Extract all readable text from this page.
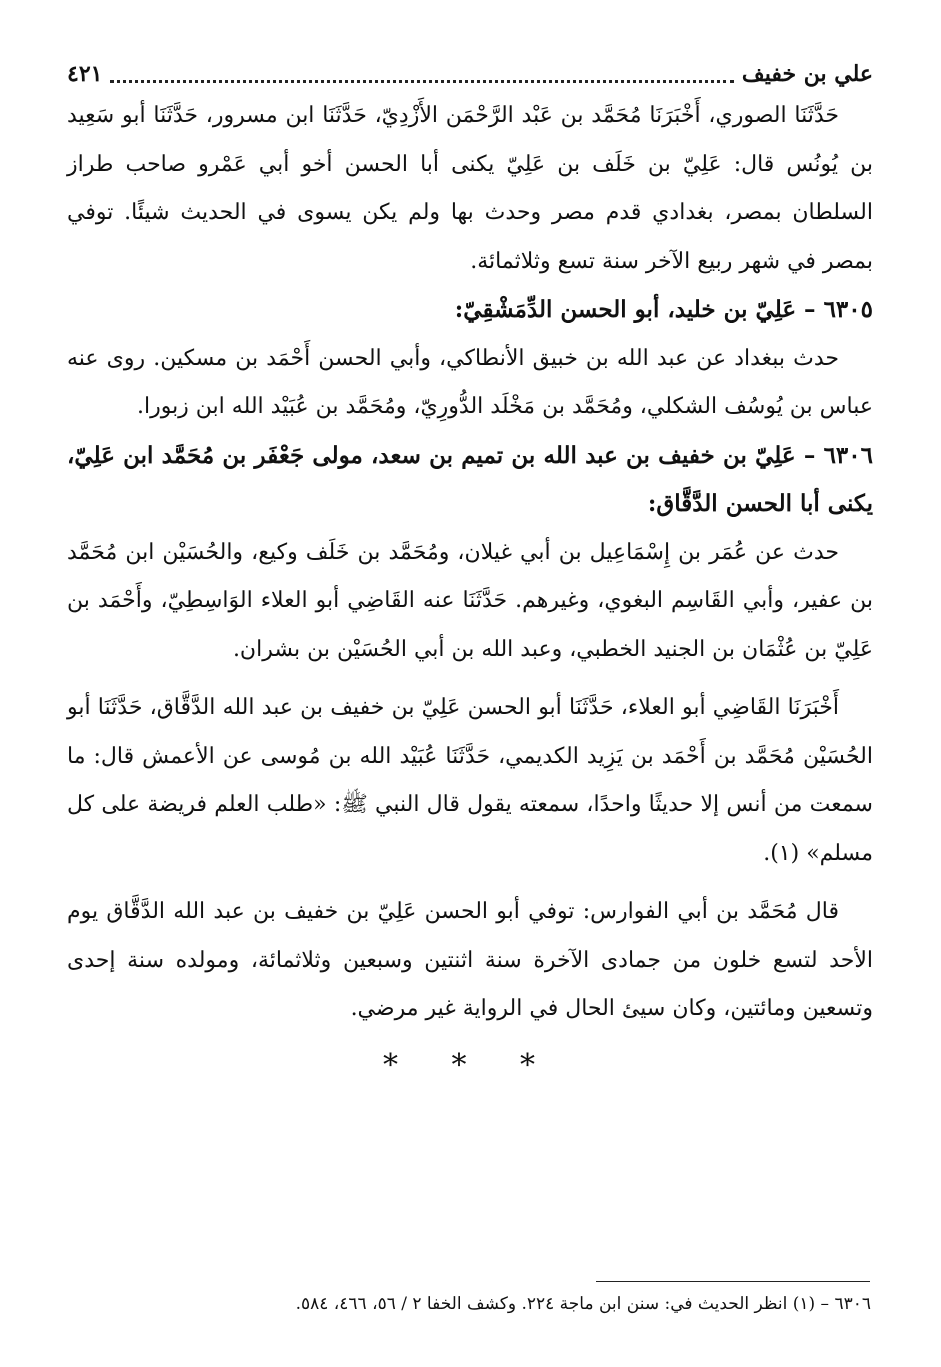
علي بن خفيف
٤٢١

حَدَّثَنَا الصوري، أَخْبَرَنَا مُحَمَّد بن عَبْد الرَّحْمَن الأَزْدِيّ، حَدَّثَنَا ابن مسرور، حَدَّثَنَا أبو سَعِيد بن يُونُس قال: عَلِيّ بن خَلَف بن عَلِيّ يكنى أبا الحسن أخو أبي عَمْرو صاحب طراز السلطان بمصر، بغدادي قدم مصر وحدث بها ولم يكن يسوى في الحديث شيئًا. توفي بمصر في شهر ربيع الآخر سنة تسع وثلاثمائة.

٦٣٠٥ – عَلِيّ بن خليد، أبو الحسن الدِّمَشْقِيّ:

حدث ببغداد عن عبد الله بن خبيق الأنطاكي، وأبي الحسن أَحْمَد بن مسكين. روى عنه عباس بن يُوسُف الشكلي، ومُحَمَّد بن مَخْلَد الدُّورِيّ، ومُحَمَّد بن عُبَيْد الله ابن زبورا.

٦٣٠٦ – عَلِيّ بن خفيف بن عبد الله بن تميم بن سعد، مولى جَعْفَر بن مُحَمَّد ابن عَلِيّ، يكنى أبا الحسن الدَّقَّاق:

حدث عن عُمَر بن إِسْمَاعِيل بن أبي غيلان، ومُحَمَّد بن خَلَف وكيع، والحُسَيْن ابن مُحَمَّد بن عفير، وأبي القَاسِم البغوي، وغيرهم. حَدَّثَنَا عنه القَاضِي أبو العلاء الوَاسِطِيّ، وأَحْمَد بن عَلِيّ بن عُثْمَان بن الجنيد الخطبي، وعبد الله بن أبي الحُسَيْن بن بشران.

أَخْبَرَنَا القَاضِي أبو العلاء، حَدَّثَنَا أبو الحسن عَلِيّ بن خفيف بن عبد الله الدَّقَّاق، حَدَّثَنَا أبو الحُسَيْن مُحَمَّد بن أَحْمَد بن يَزِيد الكديمي، حَدَّثَنَا عُبَيْد الله بن مُوسى عن الأعمش قال: ما سمعت من أنس إلا حديثًا واحدًا، سمعته يقول قال النبي ﷺ: «طلب العلم فريضة على كل مسلم» (١).

قال مُحَمَّد بن أبي الفوارس: توفي أبو الحسن عَلِيّ بن خفيف بن عبد الله الدَّقَّاق يوم الأحد لتسع خلون من جمادى الآخرة سنة اثنتين وسبعين وثلاثمائة، ومولده سنة إحدى وتسعين ومائتين، وكان سيئ الحال في الرواية غير مرضي.

* * *
٦٣٠٦ – (١) انظر الحديث في: سنن ابن ماجة ٢٢٤. وكشف الخفا ٢ / ٥٦، ٤٦٦، ٥٨٤.
